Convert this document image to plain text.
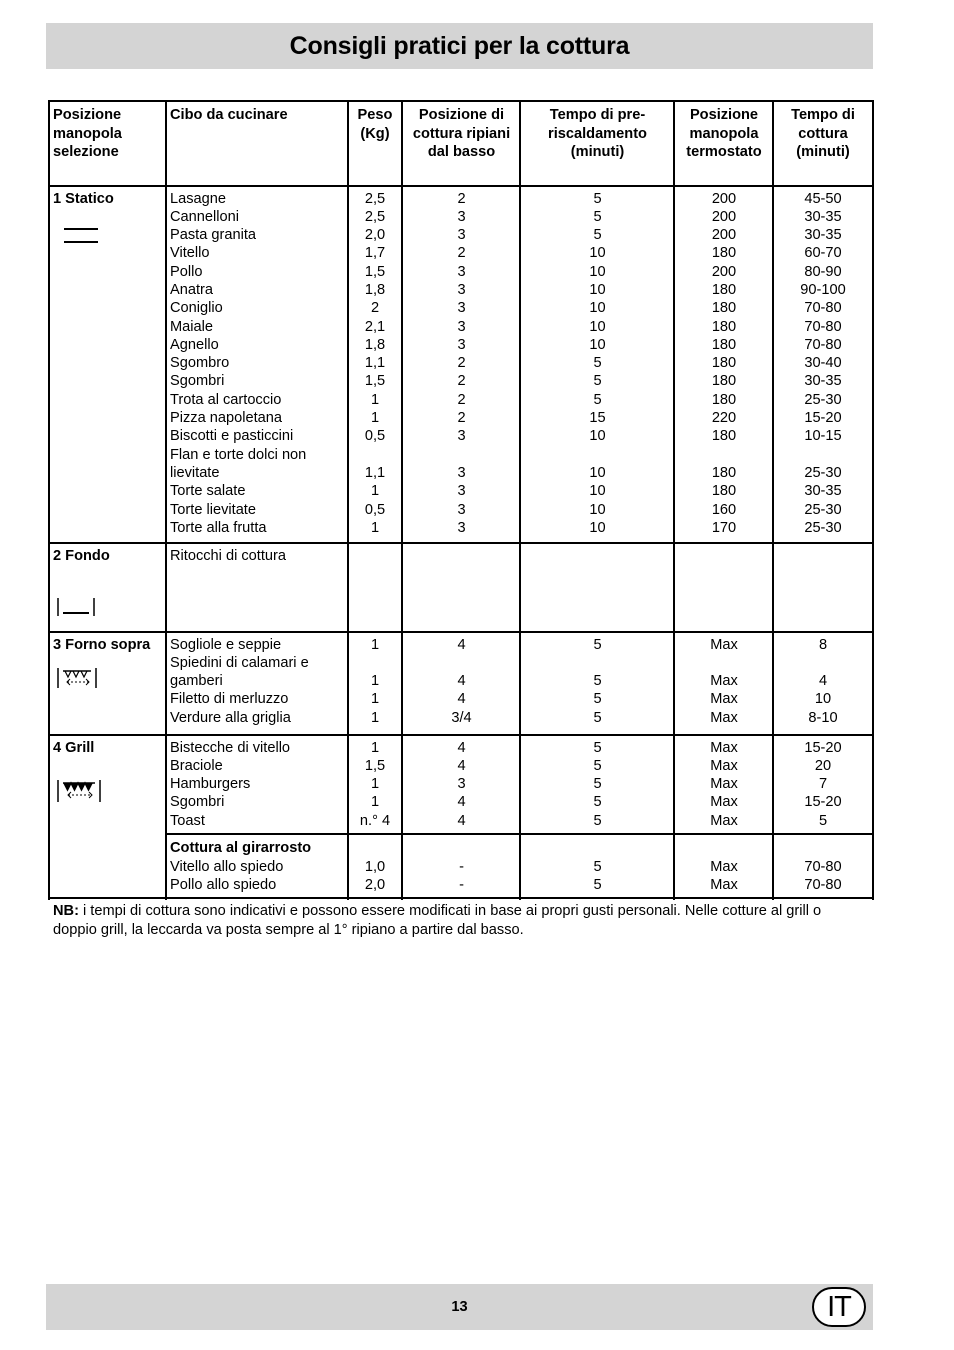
Consigli pratici per la cottura
Posizione
manopola
selezione
Cibo da cucinare	Peso
(Kg)
Posizione di
cottura ripiani
dal basso
Tempo di pre-
riscaldamento
(minuti)
Posizione
manopola
termostato
Tempo di
cottura
(minuti)
1 Statico
2 Fondo
3 Forno sopra
4 Grill
Cottura al girarrosto
Lasagne
Cannelloni
Pasta granita
Vitello
Pollo
Anatra
Coniglio
Maiale
Agnello
Sgombro
Sgombri
Trota al cartoccio
Pizza napoletana
Biscotti e pasticcini
Flan e torte dolci non
lievitate
Torte salate
Torte lievitate
Torte alla frutta
2,5
2,5
2,0
1,7
1,5
1,8
2
2,1
1,8
1,1
1,5
1
1
0,5
1,1
1
0,5
1
2
3
3
2
3
3
3
3
3
2
2
2
2
3
3
3
3
3
5
5
5
10
10
10
10
10
10
5
5
5
15
10
10
10
10
10
200
200
200
180
200
180
180
180
180
180
180
180
220
180
180
180
160
170
45-50
30-35
30-35
60-70
80-90
90-100
70-80
70-80
70-80
30-40
30-35
25-30
15-20
10-15
25-30
30-35
25-30
25-30
Ritocchi di cottura
Sogliole e seppie
Spiedini di calamari e
gamberi
Filetto di merluzzo
Verdure alla griglia
1
1
1
1
4
4
4
3/4
5
5
5
5
Max
Max
Max
Max
8
4
10
8-10
Bistecche di vitello
Braciole
Hamburgers
Sgombri
Toast
1
1,5
1
1
n.° 4
4
4
3
4
4
5
5
5
5
5
Max
Max
Max
Max
Max
15-20
20
7
15-20
5
Vitello allo spiedo
Pollo allo spiedo
1,0
2,0
-
-
5
5
Max
Max
70-80
70-80
NB: i tempi di cottura sono indicativi e possono essere modificati in base ai propri gusti personali. Nelle cotture al grill o doppio grill, la leccarda va posta sempre al 1° ripiano a partire dal basso.
13	IT
